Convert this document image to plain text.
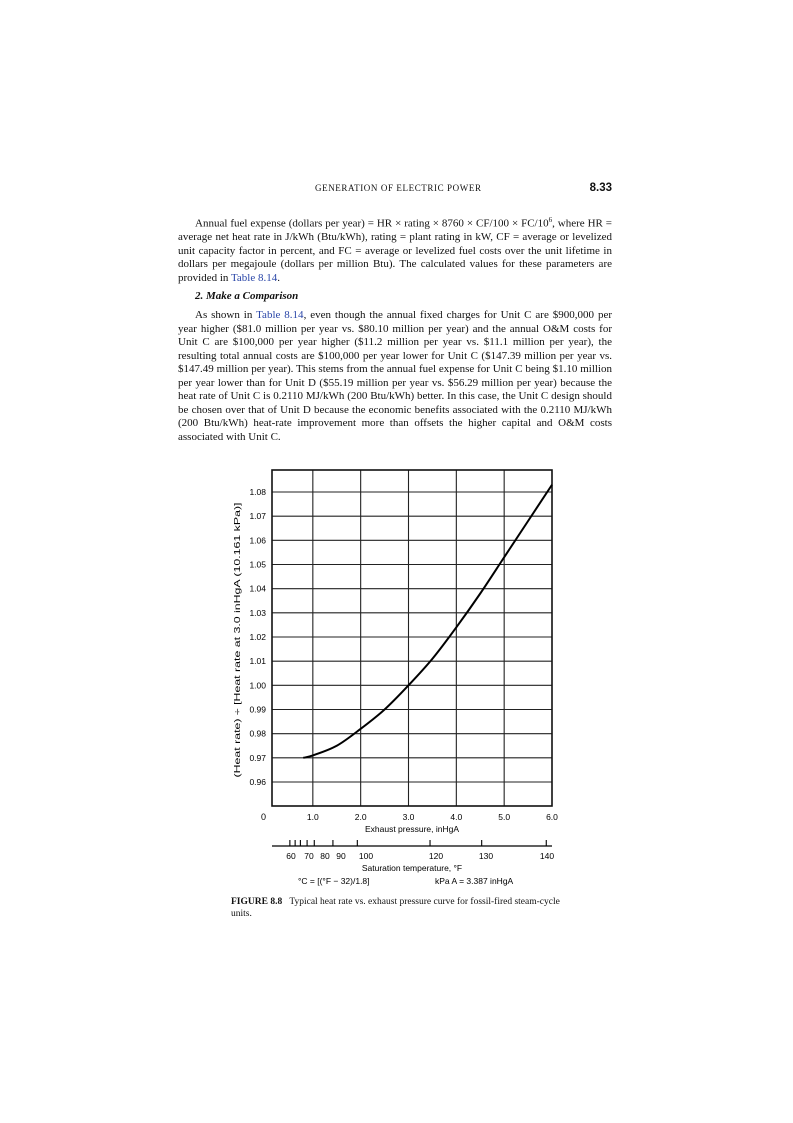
GENERATION OF ELECTRIC POWER	8.33

Annual fuel expense (dollars per year) = HR × rating × $8760 \times CF/100 \times FC/10^6$, where HR = average net heat rate in J/kWh (Btu/kWh), rating = plant rating in kW, CF = average or levelized unit capacity factor in percent, and FC = average or levelized fuel costs over the unit lifetime in dollars per megajoule (dollars per million Btu). The calculated values for these parameters are provided in Table 8.14.

2. Make a Comparison

As shown in Table 8.14, even though the annual fixed charges for Unit C are $900,000 per year higher ($81.0 million per year vs. $80.10 million per year) and the annual O&M costs for Unit C are $100,000 per year higher ($11.2 million per year vs. $11.1 million per year), the resulting total annual costs are $100,000 per year lower for Unit C ($147.39 million per year vs. $147.49 million per year). This stems from the annual fuel expense for Unit C being $1.10 million per year lower than for Unit D ($55.19 million per year vs. $56.29 million per year) because the heat rate of Unit C is 0.2110 MJ/kWh (200 Btu/kWh) better. In this case, the Unit C design should be chosen over that of Unit D because the economic benefits associated with the 0.2110 MJ/kWh (200 Btu/kWh) heat-rate improvement more than offsets the higher capital and O&M costs associated with Unit C.

0.96
0.97
0.98
0.99
1.00
1.01
1.02
1.03
1.04
1.05
1.06
1.07
1.08
1.0	2.0	3.0	4.0	5.0	6.0
0
Exhaust pressure, inHgA
(Heat rate) ÷ [Heat rate at 3.0 inHgA (10.161 kPa)]
60 70 80 90 100	120	130	140
Saturation temperature, °F
°C = [(°F − 32)/1.8]	kPa A = 3.387 inHgA
FIGURE 8.8 Typical heat rate vs. exhaust pressure curve for fossil-fired steam-cycle units.
